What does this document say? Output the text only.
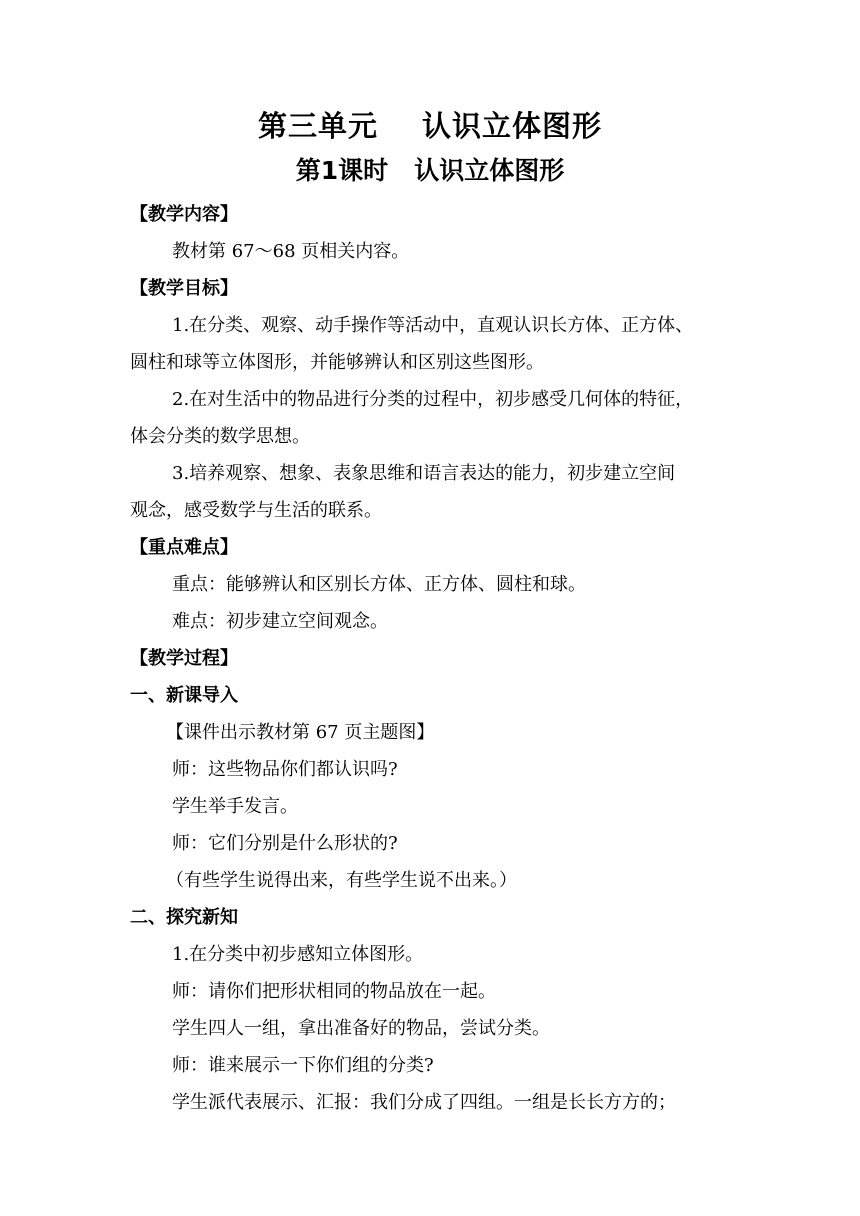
第三单元 认识立体图形
第1课时 认识立体图形
【教学内容】
教材第 67～68 页相关内容。
【教学目标】
1.在分类、观察、动手操作等活动中，直观认识长方体、正方体、
圆柱和球等立体图形，并能够辨认和区别这些图形。
2.在对生活中的物品进行分类的过程中，初步感受几何体的特征，
体会分类的数学思想。
3.培养观察、想象、表象思维和语言表达的能力，初步建立空间
观念，感受数学与生活的联系。
【重点难点】
重点：能够辨认和区别长方体、正方体、圆柱和球。
难点：初步建立空间观念。
【教学过程】
一、新课导入
【课件出示教材第 67 页主题图】
师：这些物品你们都认识吗?
学生举手发言。
师：它们分别是什么形状的?
（有些学生说得出来，有些学生说不出来。）
二、探究新知
1.在分类中初步感知立体图形。
师：请你们把形状相同的物品放在一起。
学生四人一组，拿出准备好的物品，尝试分类。
师：谁来展示一下你们组的分类?
学生派代表展示、汇报：我们分成了四组。一组是长长方方的；
